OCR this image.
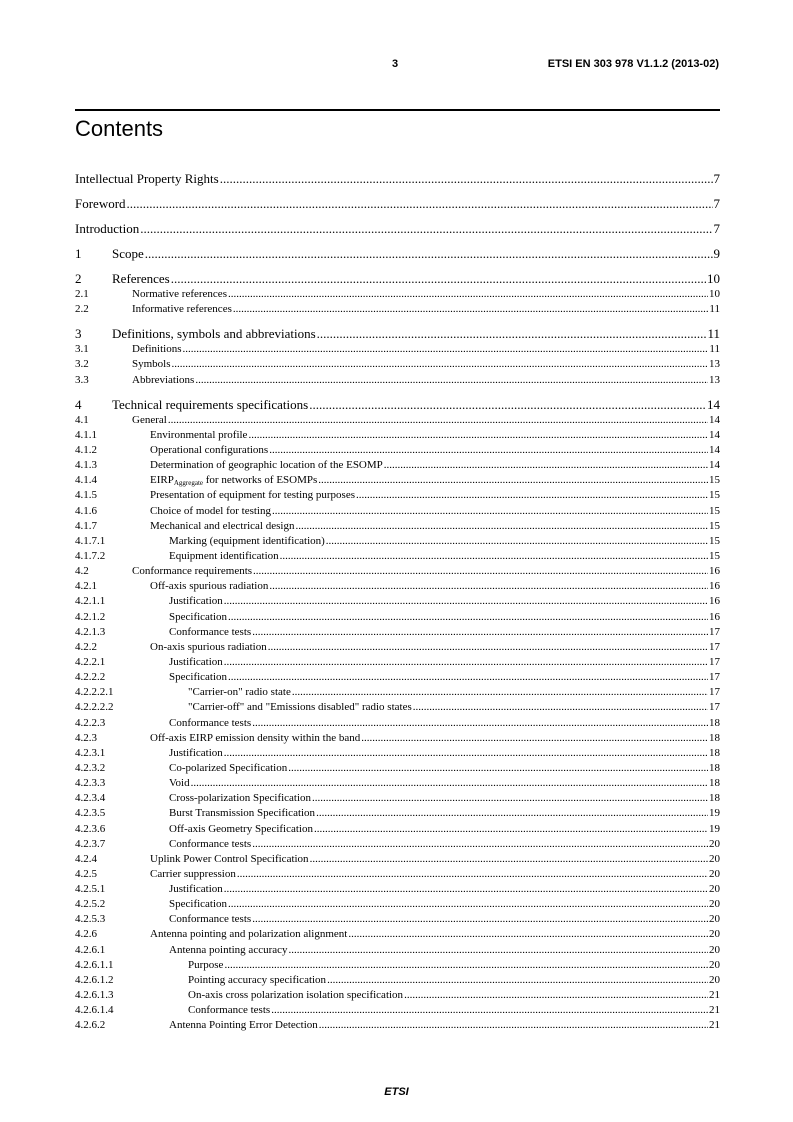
3	ETSI EN 303 978 V1.1.2 (2013-02)
Contents
Intellectual Property Rights .....	7
Foreword .....	7
Introduction .....	7
1	Scope .....	9
2	References .....	10
2.1	Normative references .....	10
2.2	Informative references .....	11
3	Definitions, symbols and abbreviations .....	11
3.1	Definitions .....	11
3.2	Symbols .....	13
3.3	Abbreviations .....	13
4	Technical requirements specifications .....	14
4.1	General .....	14
4.1.1	Environmental profile .....	14
4.1.2	Operational configurations .....	14
4.1.3	Determination of geographic location of the ESOMP .....	14
4.1.4	$EIRP_{Aggregate}$ for networks of ESOMPs .....	15
4.1.5	Presentation of equipment for testing purposes .....	15
4.1.6	Choice of model for testing .....	15
4.1.7	Mechanical and electrical design .....	15
4.1.7.1	Marking (equipment identification) .....	15
4.1.7.2	Equipment identification .....	15
4.2	Conformance requirements .....	16
4.2.1	Off-axis spurious radiation .....	16
4.2.1.1	Justification .....	16
4.2.1.2	Specification .....	16
4.2.1.3	Conformance tests .....	17
4.2.2	On-axis spurious radiation .....	17
4.2.2.1	Justification .....	17
4.2.2.2	Specification .....	17
4.2.2.2.1	"Carrier-on" radio state .....	17
4.2.2.2.2	"Carrier-off" and "Emissions disabled" radio states .....	17
4.2.2.3	Conformance tests .....	18
4.2.3	Off-axis EIRP emission density within the band .....	18
4.2.3.1	Justification .....	18
4.2.3.2	Co-polarized Specification .....	18
4.2.3.3	Void .....	18
4.2.3.4	Cross-polarization Specification .....	18
4.2.3.5	Burst Transmission Specification .....	19
4.2.3.6	Off-axis Geometry Specification .....	19
4.2.3.7	Conformance tests .....	20
4.2.4	Uplink Power Control Specification .....	20
4.2.5	Carrier suppression .....	20
4.2.5.1	Justification .....	20
4.2.5.2	Specification .....	20
4.2.5.3	Conformance tests .....	20
4.2.6	Antenna pointing and polarization alignment .....	20
4.2.6.1	Antenna pointing accuracy .....	20
4.2.6.1.1	Purpose .....	20
4.2.6.1.2	Pointing accuracy specification .....	20
4.2.6.1.3	On-axis cross polarization isolation specification .....	21
4.2.6.1.4	Conformance tests .....	21
4.2.6.2	Antenna Pointing Error Detection .....	21
ETSI
